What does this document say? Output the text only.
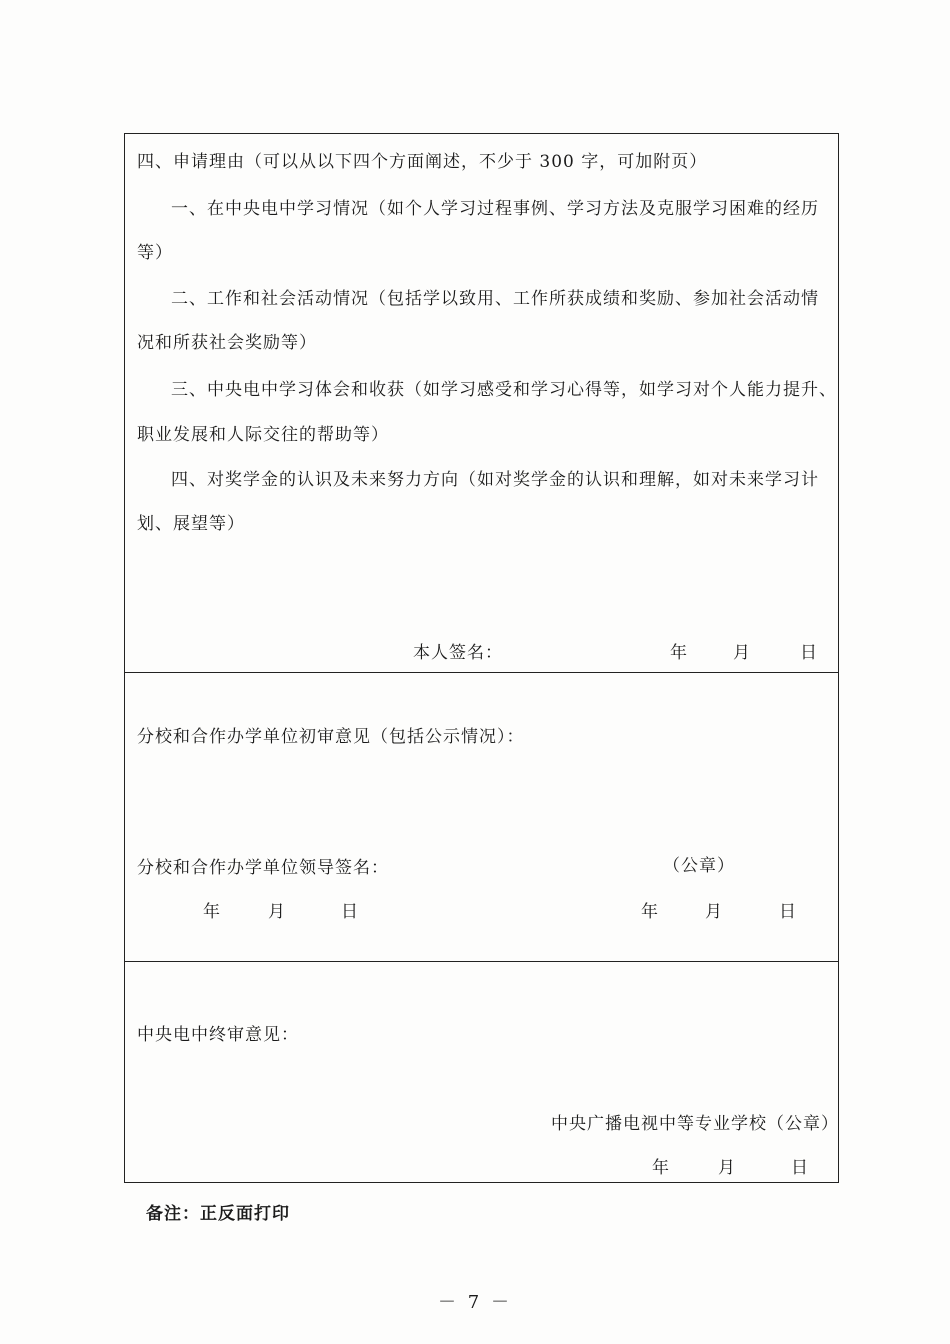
四、申请理由（可以从以下四个方面阐述，不少于 300 字，可加附页）
一、在中央电中学习情况（如个人学习过程事例、学习方法及克服学习困难的经历
等）
二、工作和社会活动情况（包括学以致用、工作所获成绩和奖励、参加社会活动情
况和所获社会奖励等）
三、中央电中学习体会和收获（如学习感受和学习心得等，如学习对个人能力提升、
职业发展和人际交往的帮助等）
四、对奖学金的认识及未来努力方向（如对奖学金的认识和理解，如对未来学习计
划、展望等）
本人签名：	年	月	日
分校和合作办学单位初审意见（包括公示情况）：
分校和合作办学单位领导签名：	（公章）
年	月	日	年	月	日
中央电中终审意见：
中央广播电视中等专业学校（公章）
年	月	日
备注：正反面打印
－ 7 －
